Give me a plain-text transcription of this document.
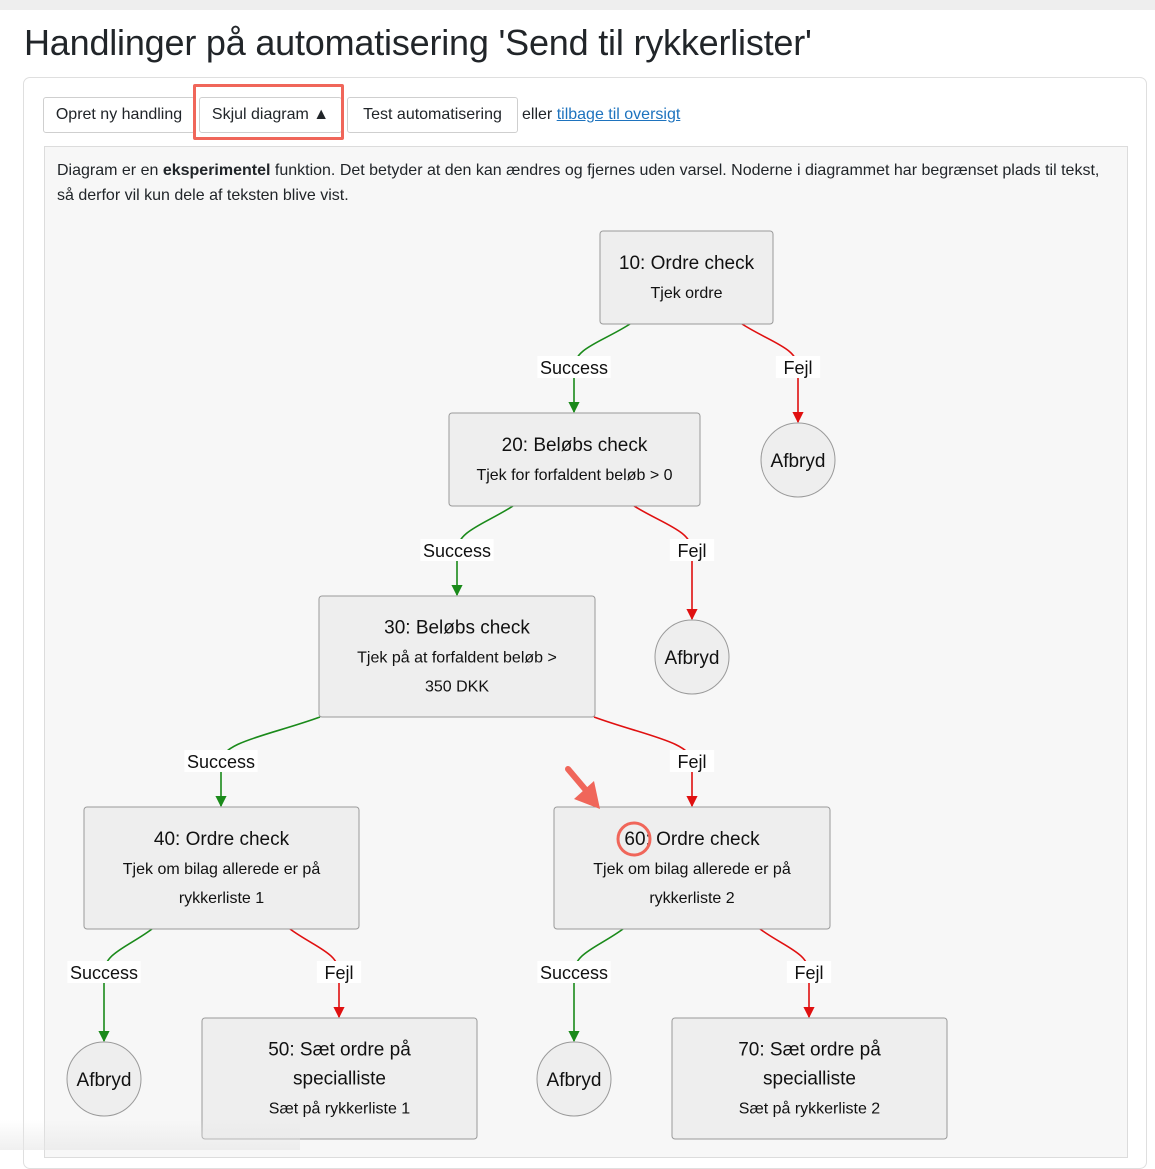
Handlinger på automatisering 'Send til rykkerlister'
Opret ny handling	Skjul diagram ▲	Test automatisering	eller tilbage til oversigt
Diagram er en eksperimentel funktion. Det betyder at den kan ændres og fjernes uden varsel. Noderne i diagrammet har begrænset plads til tekst, så derfor vil kun dele af teksten blive vist.
Success	Fejl
Success	Fejl
Success	Fejl
Success	Fejl	Success	Fejl
10: Ordre check
Tjek ordre
20: Beløbs check
Tjek for forfaldent beløb > 0
30: Beløbs check
Tjek på at forfaldent beløb >
350 DKK
40: Ordre check
Tjek om bilag allerede er på
rykkerliste 1
50: Sæt ordre på
specialliste
Sæt på rykkerliste 1
60: Ordre check
Tjek om bilag allerede er på
rykkerliste 2
70: Sæt ordre på
specialliste
Sæt på rykkerliste 2
Afbryd
Afbryd
Afbryd	Afbryd
